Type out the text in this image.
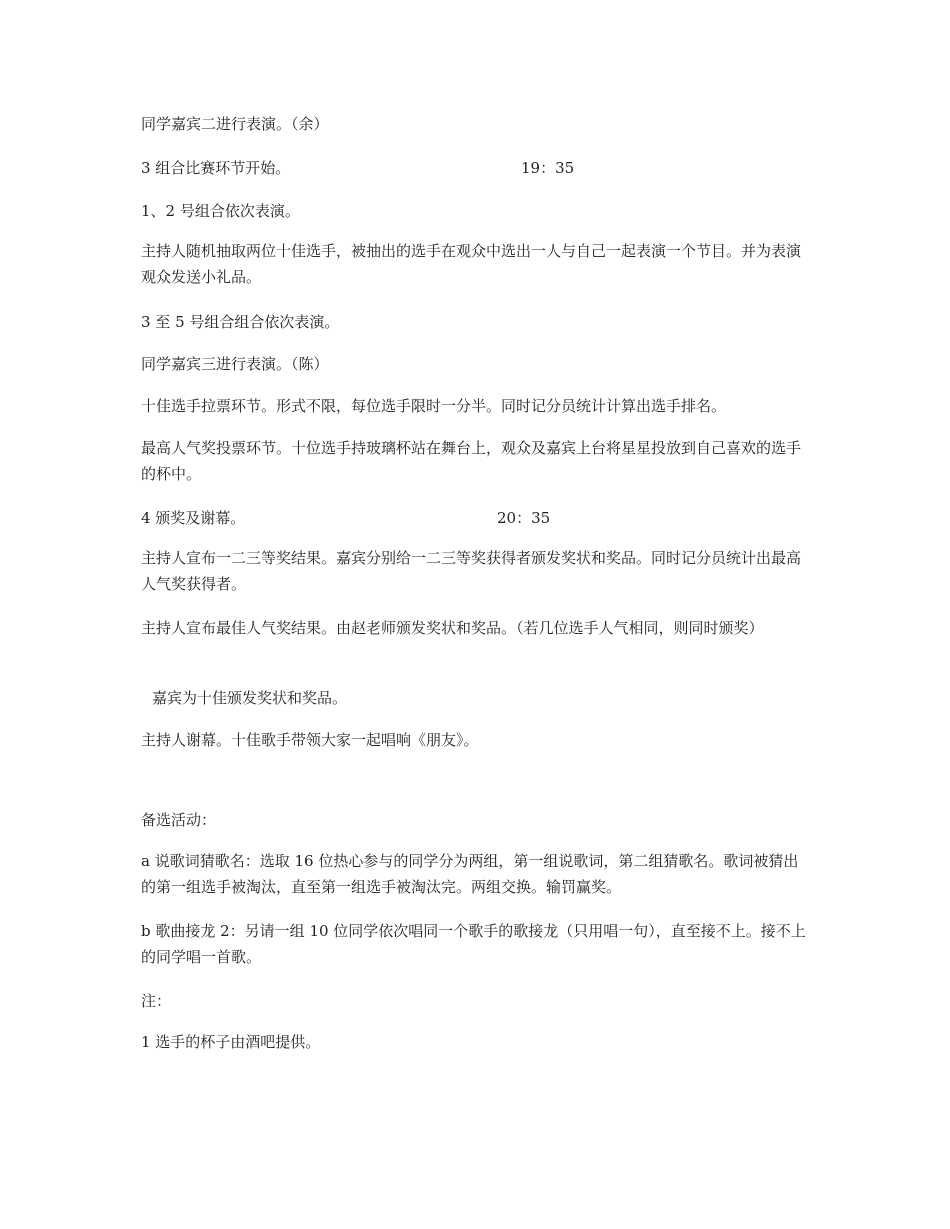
同学嘉宾二进行表演。（余）

3 组合比赛环节开始。	19：35

1、2 号组合依次表演。

主持人随机抽取两位十佳选手，被抽出的选手在观众中选出一人与自己一起表演一个节目。并为表演观众发送小礼品。

3 至 5 号组合组合依次表演。

同学嘉宾三进行表演。（陈）

十佳选手拉票环节。形式不限，每位选手限时一分半。同时记分员统计计算出选手排名。

最高人气奖投票环节。十位选手持玻璃杯站在舞台上，观众及嘉宾上台将星星投放到自己喜欢的选手的杯中。

4 颁奖及谢幕。	20：35

主持人宣布一二三等奖结果。嘉宾分别给一二三等奖获得者颁发奖状和奖品。同时记分员统计出最高人气奖获得者。

主持人宣布最佳人气奖结果。由赵老师颁发奖状和奖品。（若几位选手人气相同，则同时颁奖）

嘉宾为十佳颁发奖状和奖品。

主持人谢幕。十佳歌手带领大家一起唱响《朋友》。

备选活动：

a 说歌词猜歌名：选取 16 位热心参与的同学分为两组，第一组说歌词，第二组猜歌名。歌词被猜出的第一组选手被淘汰，直至第一组选手被淘汰完。两组交换。输罚赢奖。

b 歌曲接龙 2：另请一组 10 位同学依次唱同一个歌手的歌接龙（只用唱一句），直至接不上。接不上的同学唱一首歌。

注：

1 选手的杯子由酒吧提供。
